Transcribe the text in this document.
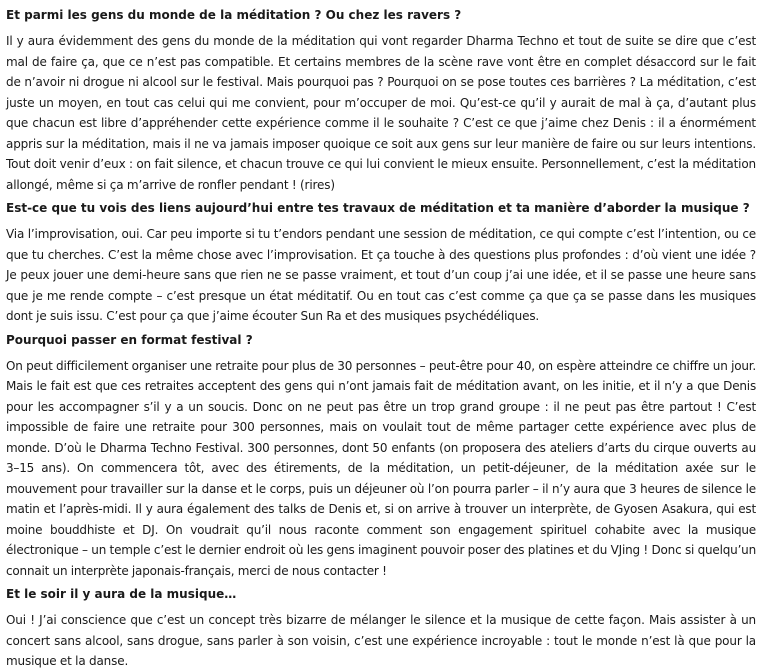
Et parmi les gens du monde de la méditation ? Ou chez les ravers ?

Il y aura évidemment des gens du monde de la méditation qui vont regarder Dharma Techno et tout de suite se dire que c’est mal de faire ça, que ce n’est pas compatible. Et certains membres de la scène rave vont être en complet désaccord sur le fait de n’avoir ni drogue ni alcool sur le festival. Mais pourquoi pas ? Pourquoi on se pose toutes ces barrières ? La méditation, c’est juste un moyen, en tout cas celui qui me convient, pour m’occuper de moi. Qu’est-ce qu’il y aurait de mal à ça, d’autant plus que chacun est libre d’appréhender cette expérience comme il le souhaite ? C’est ce que j’aime chez Denis : il a énormément appris sur la méditation, mais il ne va jamais imposer quoique ce soit aux gens sur leur manière de faire ou sur leurs intentions. Tout doit venir d’eux : on fait silence, et chacun trouve ce qui lui convient le mieux ensuite. Personnellement, c’est la méditation allongé, même si ça m’arrive de ronfler pendant ! (rires)

Est-ce que tu vois des liens aujourd’hui entre tes travaux de méditation et ta manière d’aborder la musique ?

Via l’improvisation, oui. Car peu importe si tu t’endors pendant une session de méditation, ce qui compte c’est l’intention, ou ce que tu cherches. C’est la même chose avec l’improvisation. Et ça touche à des questions plus profondes : d’où vient une idée ? Je peux jouer une demi-heure sans que rien ne se passe vraiment, et tout d’un coup j’ai une idée, et il se passe une heure sans que je me rende compte – c’est presque un état méditatif. Ou en tout cas c’est comme ça que ça se passe dans les musiques dont je suis issu. C’est pour ça que j’aime écouter Sun Ra et des musiques psychédéliques.

Pourquoi passer en format festival ?

On peut difficilement organiser une retraite pour plus de 30 personnes – peut-être pour 40, on espère atteindre ce chiffre un jour. Mais le fait est que ces retraites acceptent des gens qui n’ont jamais fait de méditation avant, on les initie, et il n’y a que Denis pour les accompagner s’il y a un soucis. Donc on ne peut pas être un trop grand groupe : il ne peut pas être partout ! C’est impossible de faire une retraite pour 300 personnes, mais on voulait tout de même partager cette expérience avec plus de monde. D’où le Dharma Techno Festival. 300 personnes, dont 50 enfants (on proposera des ateliers d’arts du cirque ouverts au 3–15 ans). On commencera tôt, avec des étirements, de la méditation, un petit-déjeuner, de la méditation axée sur le mouvement pour travailler sur la danse et le corps, puis un déjeuner où l’on pourra parler – il n’y aura que 3 heures de silence le matin et l’après-midi. Il y aura également des talks de Denis et, si on arrive à trouver un interprète, de Gyosen Asakura, qui est moine bouddhiste et DJ. On voudrait qu’il nous raconte comment son engagement spirituel cohabite avec la musique électronique – un temple c’est le dernier endroit où les gens imaginent pouvoir poser des platines et du VJing ! Donc si quelqu’un connait un interprète japonais-français, merci de nous contacter !

Et le soir il y aura de la musique…

Oui ! J’ai conscience que c’est un concept très bizarre de mélanger le silence et la musique de cette façon. Mais assister à un concert sans alcool, sans drogue, sans parler à son voisin, c’est une expérience incroyable : tout le monde n’est là que pour la musique et la danse.
